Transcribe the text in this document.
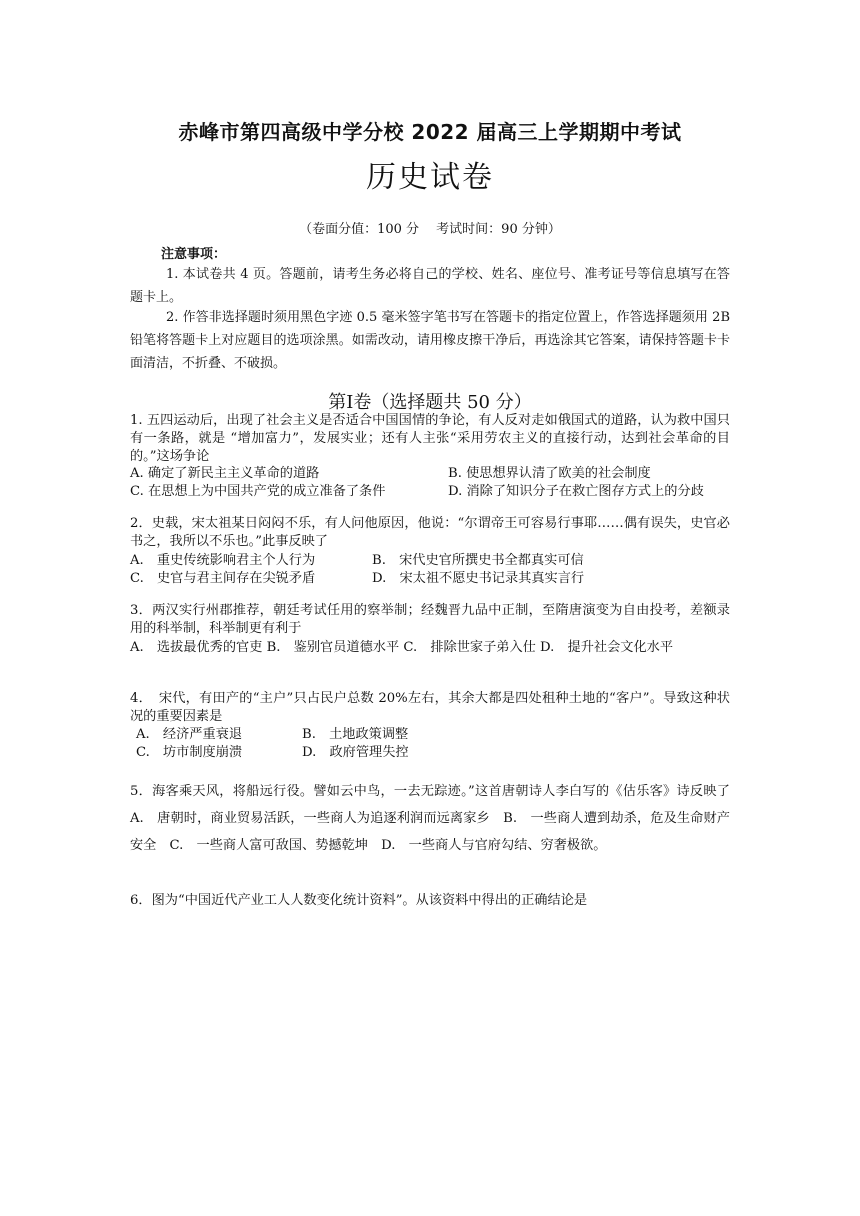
赤峰市第四高级中学分校 2022 届高三上学期期中考试
历史试卷
（卷面分值：100 分　 考试时间：90 分钟）
注意事项：
1. 本试卷共 4 页。答题前，请考生务必将自己的学校、姓名、座位号、准考证号等信息填写在答题卡上。
2. 作答非选择题时须用黑色字迹 0.5 毫米签字笔书写在答题卡的指定位置上，作答选择题须用 2B 铅笔将答题卡上对应题目的选项涂黑。如需改动，请用橡皮擦干净后，再选涂其它答案，请保持答题卡卡面清洁，不折叠、不破损。
第Ⅰ卷（选择题共 50 分）
1. 五四运动后，出现了社会主义是否适合中国国情的争论，有人反对走如俄国式的道路，认为救中国只有一条路，就是 “增加富力”，发展实业；还有人主张“采用劳农主义的直接行动，达到社会革命的目的。”这场争论
A. 确定了新民主主义革命的道路	B. 使思想界认清了欧美的社会制度
C. 在思想上为中国共产党的成立准备了条件	D. 消除了知识分子在救亡图存方式上的分歧
2．史载，宋太祖某日闷闷不乐，有人问他原因，他说：“尔谓帝王可容易行事耶……偶有误失，史官必书之，我所以不乐也。”此事反映了
A.　重史传统影响君主个人行为	B.　宋代史官所撰史书全都真实可信
C.　史官与君主间存在尖锐矛盾	D.　宋太祖不愿史书记录其真实言行
3．两汉实行州郡推荐，朝廷考试任用的察举制；经魏晋九品中正制，至隋唐演变为自由投考，差额录用的科举制，科举制更有利于
A.　选拔最优秀的官吏 B.　鉴别官员道德水平 C.　排除世家子弟入仕 D.　提升社会文化水平
4．　宋代，有田产的“主户”只占民户总数 20%左右，其余大都是四处租种土地的“客户”。导致这种状况的重要因素是
A.　经济严重衰退	B.　土地政策调整
C.　坊市制度崩溃	D.　政府管理失控
5．海客乘天风，将船远行役。譬如云中鸟，一去无踪迹。”这首唐朝诗人李白写的《估乐客》诗反映了　 A.　唐朝时，商业贸易活跃，一些商人为追逐利润而远离家乡　B.　一些商人遭到劫杀，危及生命财产安全　C.　一些商人富可敌国、势撼乾坤　D.　一些商人与官府勾结、穷奢极欲。
6．图为“中国近代产业工人人数变化统计资料”。从该资料中得出的正确结论是
